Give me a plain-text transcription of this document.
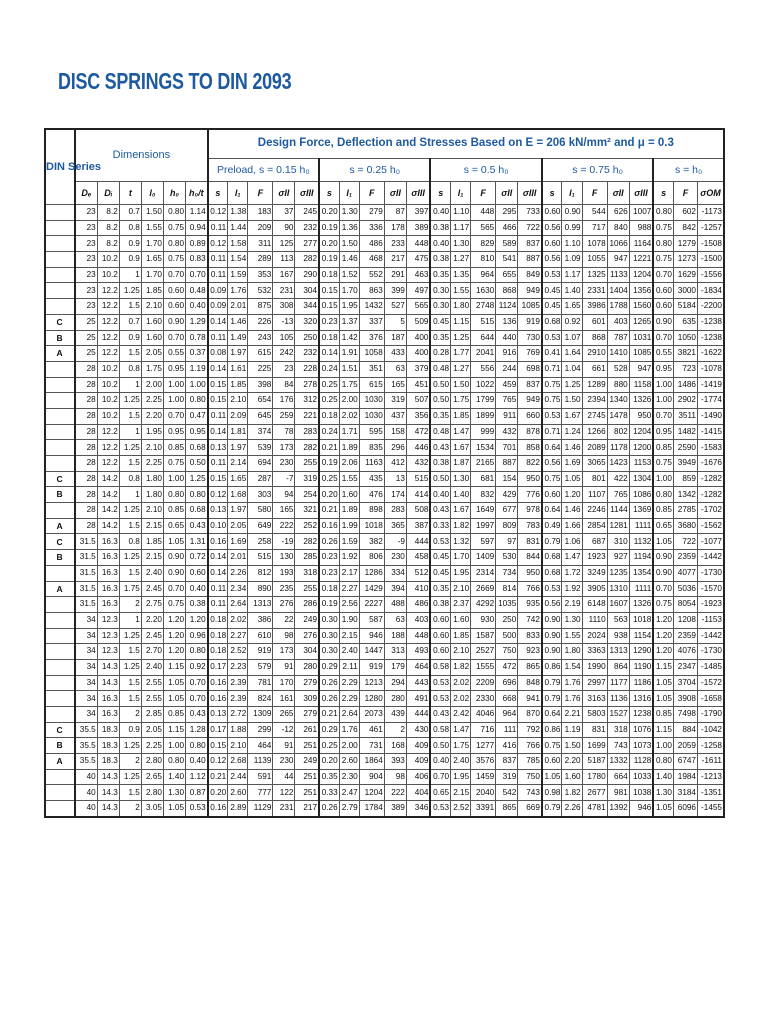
DISC SPRINGS TO DIN 2093
DIN Series	Dimensions						Design Force, Deflection and Stresses Based on E = 206 kN/mm² and μ = 0.3																						
							Preload, s = 0.15 h₀					s = 0.25 h₀					s = 0.5 h₀					s = 0.75 h₀					s = h₀		
	Dₑ	Dᵢ	t	l₀	h₀	h₀/t	s	l₁	F	σII	σIII	s	l₁	F	σII	σIII	s	l₁	F	σII	σIII	s	l₁	F	σII	σIII	s	F	σOM
	23	8.2	0.7	1.50	0.80	1.14	0.12	1.38	183	37	245	0.20	1.30	279	87	397	0.40	1.10	448	295	733	0.60	0.90	544	626	1007	0.80	602	-1173
	23	8.2	0.8	1.55	0.75	0.94	0.11	1.44	209	90	232	0.19	1.36	336	178	389	0.38	1.17	565	466	722	0.56	0.99	717	840	988	0.75	842	-1257
	23	8.2	0.9	1.70	0.80	0.89	0.12	1.58	311	125	277	0.20	1.50	486	233	448	0.40	1.30	829	589	837	0.60	1.10	1078	1066	1164	0.80	1279	-1508
	23	10.2	0.9	1.65	0.75	0.83	0.11	1.54	289	113	282	0.19	1.46	468	217	475	0.38	1.27	810	541	887	0.56	1.09	1055	947	1221	0.75	1273	-1500
	23	10.2	1	1.70	0.70	0.70	0.11	1.59	353	167	290	0.18	1.52	552	291	463	0.35	1.35	964	655	849	0.53	1.17	1325	1133	1204	0.70	1629	-1556
	23	12.2	1.25	1.85	0.60	0.48	0.09	1.76	532	231	304	0.15	1.70	863	399	497	0.30	1.55	1630	868	949	0.45	1.40	2331	1404	1356	0.60	3000	-1834
	23	12.2	1.5	2.10	0.60	0.40	0.09	2.01	875	308	344	0.15	1.95	1432	527	565	0.30	1.80	2748	1124	1085	0.45	1.65	3986	1788	1560	0.60	5184	-2200
C	25	12.2	0.7	1.60	0.90	1.29	0.14	1.46	226	-13	320	0.23	1.37	337	5	509	0.45	1.15	515	136	919	0.68	0.92	601	403	1265	0.90	635	-1238
B	25	12.2	0.9	1.60	0.70	0.78	0.11	1.49	243	105	250	0.18	1.42	376	187	400	0.35	1.25	644	440	730	0.53	1.07	868	787	1031	0.70	1050	-1238
A	25	12.2	1.5	2.05	0.55	0.37	0.08	1.97	615	242	232	0.14	1.91	1058	433	400	0.28	1.77	2041	916	769	0.41	1.64	2910	1410	1085	0.55	3821	-1622
	28	10.2	0.8	1.75	0.95	1.19	0.14	1.61	225	23	228	0.24	1.51	351	63	379	0.48	1.27	556	244	698	0.71	1.04	661	528	947	0.95	723	-1078
	28	10.2	1	2.00	1.00	1.00	0.15	1.85	398	84	278	0.25	1.75	615	165	451	0.50	1.50	1022	459	837	0.75	1.25	1289	880	1158	1.00	1486	-1419
	28	10.2	1.25	2.25	1.00	0.80	0.15	2.10	654	176	312	0.25	2.00	1030	319	507	0.50	1.75	1799	765	949	0.75	1.50	2394	1340	1326	1.00	2902	-1774
	28	10.2	1.5	2.20	0.70	0.47	0.11	2.09	645	259	221	0.18	2.02	1030	437	356	0.35	1.85	1899	911	660	0.53	1.67	2745	1478	950	0.70	3511	-1490
	28	12.2	1	1.95	0.95	0.95	0.14	1.81	374	78	283	0.24	1.71	595	158	472	0.48	1.47	999	432	878	0.71	1.24	1266	802	1204	0.95	1482	-1415
	28	12.2	1.25	2.10	0.85	0.68	0.13	1.97	539	173	282	0.21	1.89	835	296	446	0.43	1.67	1534	701	858	0.64	1.46	2089	1178	1200	0.85	2590	-1583
	28	12.2	1.5	2.25	0.75	0.50	0.11	2.14	694	230	255	0.19	2.06	1163	412	432	0.38	1.87	2165	887	822	0.56	1.69	3065	1423	1153	0.75	3949	-1676
C	28	14.2	0.8	1.80	1.00	1.25	0.15	1.65	287	-7	319	0.25	1.55	435	13	515	0.50	1.30	681	154	950	0.75	1.05	801	422	1304	1.00	859	-1282
B	28	14.2	1	1.80	0.80	0.80	0.12	1.68	303	94	254	0.20	1.60	476	174	414	0.40	1.40	832	429	776	0.60	1.20	1107	765	1086	0.80	1342	-1282
	28	14.2	1.25	2.10	0.85	0.68	0.13	1.97	580	165	321	0.21	1.89	898	283	508	0.43	1.67	1649	677	978	0.64	1.46	2246	1144	1369	0.85	2785	-1702
A	28	14.2	1.5	2.15	0.65	0.43	0.10	2.05	649	222	252	0.16	1.99	1018	365	387	0.33	1.82	1997	809	783	0.49	1.66	2854	1281	1111	0.65	3680	-1562
C	31.5	16.3	0.8	1.85	1.05	1.31	0.16	1.69	258	-19	282	0.26	1.59	382	-9	444	0.53	1.32	597	97	831	0.79	1.06	687	310	1132	1.05	722	-1077
B	31.5	16.3	1.25	2.15	0.90	0.72	0.14	2.01	515	130	285	0.23	1.92	806	230	458	0.45	1.70	1409	530	844	0.68	1.47	1923	927	1194	0.90	2359	-1442
	31.5	16.3	1.5	2.40	0.90	0.60	0.14	2.26	812	193	318	0.23	2.17	1286	334	512	0.45	1.95	2314	734	950	0.68	1.72	3249	1235	1354	0.90	4077	-1730
A	31.5	16.3	1.75	2.45	0.70	0.40	0.11	2.34	890	235	255	0.18	2.27	1429	394	410	0.35	2.10	2669	814	766	0.53	1.92	3905	1310	1111	0.70	5036	-1570
	31.5	16.3	2	2.75	0.75	0.38	0.11	2.64	1313	276	286	0.19	2.56	2227	488	486	0.38	2.37	4292	1035	935	0.56	2.19	6148	1607	1326	0.75	8054	-1923
	34	12.3	1	2.20	1.20	1.20	0.18	2.02	386	22	249	0.30	1.90	587	63	403	0.60	1.60	930	250	742	0.90	1.30	1110	563	1018	1.20	1208	-1153
	34	12.3	1.25	2.45	1.20	0.96	0.18	2.27	610	98	276	0.30	2.15	946	188	448	0.60	1.85	1587	500	833	0.90	1.55	2024	938	1154	1.20	2359	-1442
	34	12.3	1.5	2.70	1.20	0.80	0.18	2.52	919	173	304	0.30	2.40	1447	313	493	0.60	2.10	2527	750	923	0.90	1.80	3363	1313	1290	1.20	4076	-1730
	34	14.3	1.25	2.40	1.15	0.92	0.17	2.23	579	91	280	0.29	2.11	919	179	464	0.58	1.82	1555	472	865	0.86	1.54	1990	864	1190	1.15	2347	-1485
	34	14.3	1.5	2.55	1.05	0.70	0.16	2.39	781	170	279	0.26	2.29	1213	294	443	0.53	2.02	2209	696	848	0.79	1.76	2997	1177	1186	1.05	3704	-1572
	34	16.3	1.5	2.55	1.05	0.70	0.16	2.39	824	161	309	0.26	2.29	1280	280	491	0.53	2.02	2330	668	941	0.79	1.76	3163	1136	1316	1.05	3908	-1658
	34	16.3	2	2.85	0.85	0.43	0.13	2.72	1309	265	279	0.21	2.64	2073	439	444	0.43	2.42	4046	964	870	0.64	2.21	5803	1527	1238	0.85	7498	-1790
C	35.5	18.3	0.9	2.05	1.15	1.28	0.17	1.88	299	-12	261	0.29	1.76	461	2	430	0.58	1.47	716	111	792	0.86	1.19	831	318	1076	1.15	884	-1042
B	35.5	18.3	1.25	2.25	1.00	0.80	0.15	2.10	464	91	251	0.25	2.00	731	168	409	0.50	1.75	1277	416	766	0.75	1.50	1699	743	1073	1.00	2059	-1258
A	35.5	18.3	2	2.80	0.80	0.40	0.12	2.68	1139	230	249	0.20	2.60	1864	393	409	0.40	2.40	3576	837	785	0.60	2.20	5187	1332	1128	0.80	6747	-1611
	40	14.3	1.25	2.65	1.40	1.12	0.21	2.44	591	44	251	0.35	2.30	904	98	406	0.70	1.95	1459	319	750	1.05	1.60	1780	664	1033	1.40	1984	-1213
	40	14.3	1.5	2.80	1.30	0.87	0.20	2.60	777	122	251	0.33	2.47	1204	222	404	0.65	2.15	2040	542	743	0.98	1.82	2677	981	1038	1.30	3184	-1351
	40	14.3	2	3.05	1.05	0.53	0.16	2.89	1129	231	217	0.26	2.79	1784	389	346	0.53	2.52	3391	865	669	0.79	2.26	4781	1392	946	1.05	6096	-1455
